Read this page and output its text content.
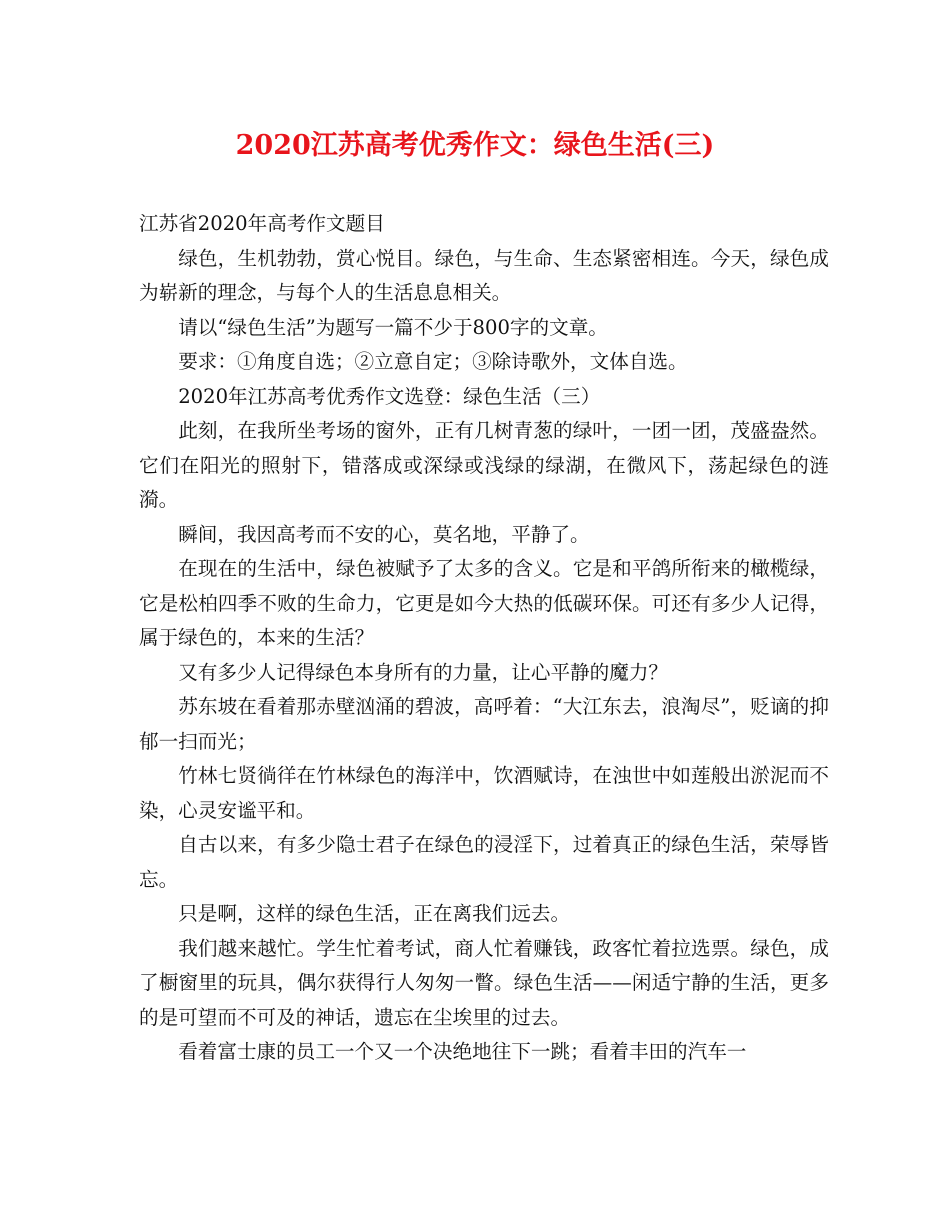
2020江苏高考优秀作文：绿色生活(三)

江苏省2020年高考作文题目

绿色，生机勃勃，赏心悦目。绿色，与生命、生态紧密相连。今天，绿色成为崭新的理念，与每个人的生活息息相关。

请以“绿色生活”为题写一篇不少于800字的文章。

要求：①角度自选；②立意自定；③除诗歌外，文体自选。

2020年江苏高考优秀作文选登：绿色生活（三）

此刻，在我所坐考场的窗外，正有几树青葱的绿叶，一团一团，茂盛盎然。它们在阳光的照射下，错落成或深绿或浅绿的绿湖，在微风下，荡起绿色的涟漪。

瞬间，我因高考而不安的心，莫名地，平静了。

在现在的生活中，绿色被赋予了太多的含义。它是和平鸽所衔来的橄榄绿，它是松柏四季不败的生命力，它更是如今大热的低碳环保。可还有多少人记得，属于绿色的，本来的生活？

又有多少人记得绿色本身所有的力量，让心平静的魔力？

苏东坡在看着那赤壁汹涌的碧波，高呼着：“大江东去，浪淘尽”，贬谪的抑郁一扫而光；

竹林七贤徜徉在竹林绿色的海洋中，饮酒赋诗，在浊世中如莲般出淤泥而不染，心灵安谧平和。

自古以来，有多少隐士君子在绿色的浸淫下，过着真正的绿色生活，荣辱皆忘。

只是啊，这样的绿色生活，正在离我们远去。

我们越来越忙。学生忙着考试，商人忙着赚钱，政客忙着拉选票。绿色，成了橱窗里的玩具，偶尔获得行人匆匆一瞥。绿色生活——闲适宁静的生活，更多的是可望而不可及的神话，遗忘在尘埃里的过去。

看着富士康的员工一个又一个决绝地往下一跳；看着丰田的汽车一
